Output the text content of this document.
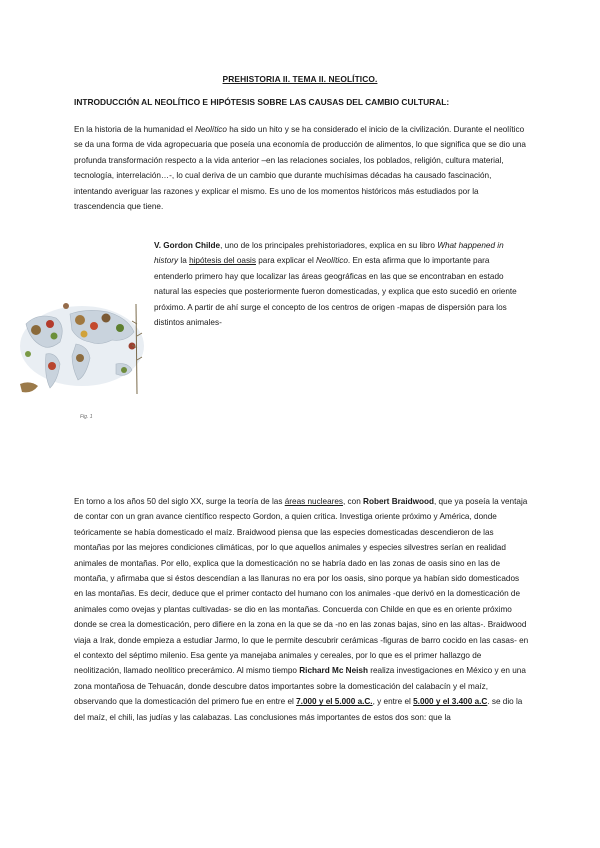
PREHISTORIA II. TEMA II. NEOLÍTICO.
INTRODUCCIÓN AL NEOLÍTICO E HIPÓTESIS SOBRE LAS CAUSAS DEL CAMBIO CULTURAL:

En la historia de la humanidad el Neolítico ha sido un hito y se ha considerado el inicio de la civilización. Durante el neolítico se da una forma de vida agropecuaria que poseía una economía de producción de alimentos, lo que significa que se dio una profunda transformación respecto a la vida anterior –en las relaciones sociales, los poblados, religión, cultura material, tecnología, interrelación…-, lo cual deriva de un cambio que durante muchísimas décadas ha causado fascinación, intentando averiguar las razones y explicar el mismo. Es uno de los momentos históricos más estudiados por la trascendencia que tiene.

Fig. 1
V. Gordon Childe, uno de los principales prehistoriadores, explica en su libro What happened in history la hipótesis del oasis para explicar el Neolítico. En esta afirma que lo importante para entenderlo primero hay que localizar las áreas geográficas en las que se encontraban en estado natural las especies que posteriormente fueron domesticadas, y explica que esto sucedió en oriente próximo. A partir de ahí surge el concepto de los centros de origen -mapas de dispersión para los distintos animales-

En torno a los años 50 del siglo XX, surge la teoría de las áreas nucleares, con Robert Braidwood, que ya poseía la ventaja de contar con un gran avance científico respecto Gordon, a quien critica. Investiga oriente próximo y América, donde teóricamente se había domesticado el maíz. Braidwood piensa que las especies domesticadas descendieron de las montañas por las mejores condiciones climáticas, por lo que aquellos animales y especies silvestres serían en realidad animales de montañas. Por ello, explica que la domesticación no se habría dado en las zonas de oasis sino en las de montaña, y afirmaba que si éstos descendían a las llanuras no era por los oasis, sino porque ya habían sido domesticados en las montañas. Es decir, deduce que el primer contacto del humano con los animales -que derivó en la domesticación de animales como ovejas y plantas cultivadas- se dio en las montañas. Concuerda con Childe en que es en oriente próximo donde se crea la domesticación, pero difiere en la zona en la que se da -no en las zonas bajas, sino en las altas-. Braidwood viaja a Irak, donde empieza a estudiar Jarmo, lo que le permite descubrir cerámicas -figuras de barro cocido en las casas- en el contexto del séptimo milenio. Esa gente ya manejaba animales y cereales, por lo que es el primer hallazgo de neolitización, llamado neolítico precerámico. Al mismo tiempo Richard Mc Neish realiza investigaciones en México y en una zona montañosa de Tehuacán, donde descubre datos importantes sobre la domesticación del calabacín y el maíz, observando que la domesticación del primero fue en entre el 7.000 y el 5.000 a.C., y entre el 5.000 y el 3.400 a.C. se dio la del maíz, el chili, las judías y las calabazas. Las conclusiones más importantes de estos dos son: que la
